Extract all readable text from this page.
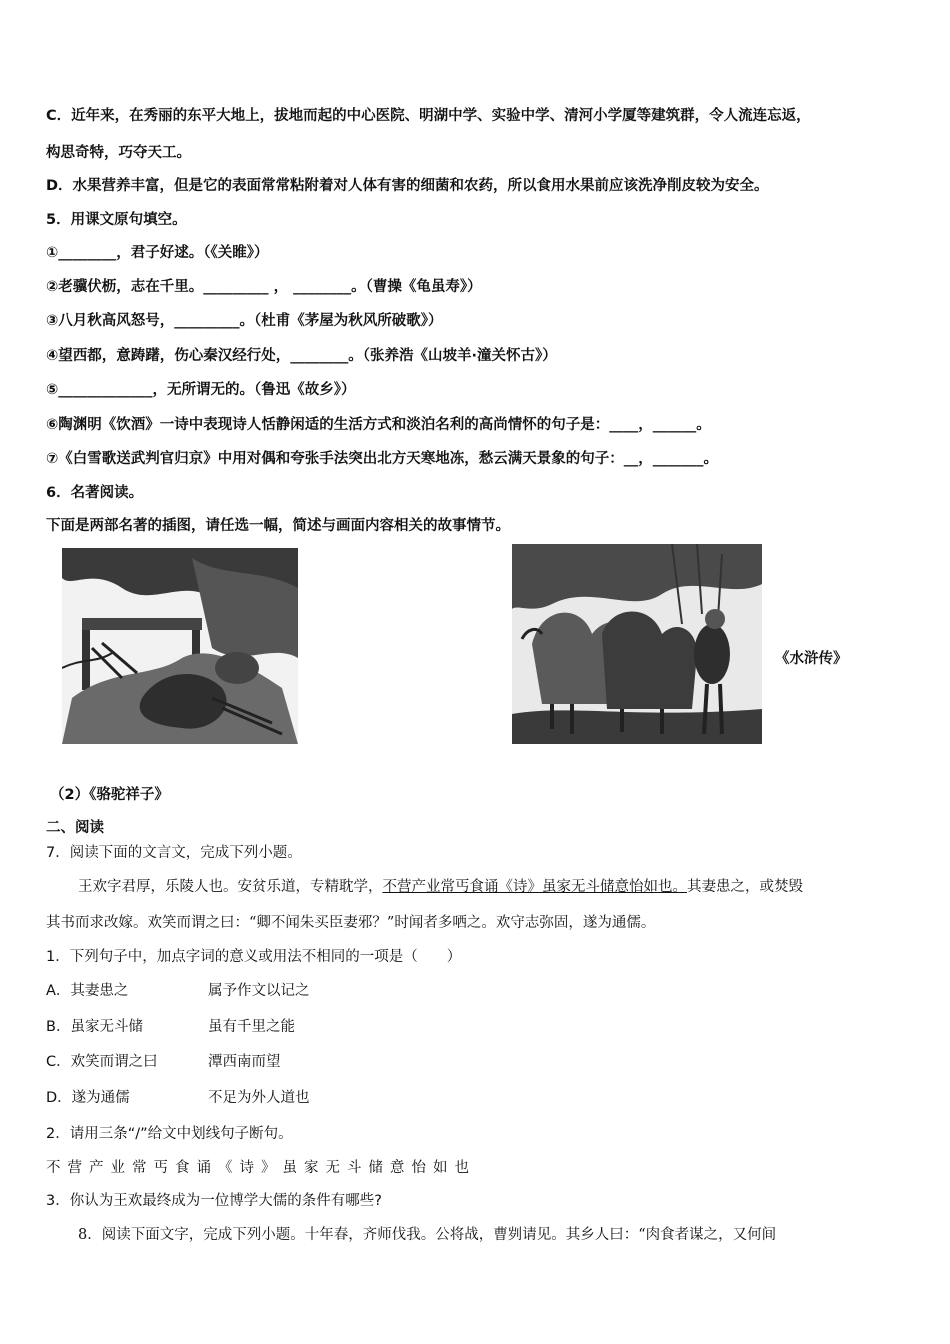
C．近年来，在秀丽的东平大地上，拔地而起的中心医院、明湖中学、实验中学、清河小学厦等建筑群，令人流连忘返，
构思奇特，巧夺天工。
D．水果营养丰富，但是它的表面常常粘附着对人体有害的细菌和农药，所以食用水果前应该洗净削皮较为安全。
5．用课文原句填空。
①________，君子好逑。（《关睢》）
②老骥伏枥，志在千里。_________ ， ________。（曹操《龟虽寿》）
③八月秋高风怒号，_________。（杜甫《茅屋为秋风所破歌》）
④望西都，意踌躇，伤心秦汉经行处，________。（张养浩《山坡羊·潼关怀古》）
⑤_____________，无所谓无的。（鲁迅《故乡》）
⑥陶渊明《饮酒》一诗中表现诗人恬静闲适的生活方式和淡泊名利的高尚情怀的句子是：____，______。
⑦《白雪歌送武判官归京》中用对偶和夸张手法突出北方天寒地冻，愁云满天景象的句子：__，_______。
6．名著阅读。
下面是两部名著的插图，请任选一幅，简述与画面内容相关的故事情节。
《水浒传》
（2）《骆驼祥子》
二、阅读
7．阅读下面的文言文，完成下列小题。
王欢字君厚，乐陵人也。安贫乐道，专精耽学，不营产业常丐食诵《诗》虽家无斗储意怡如也。其妻患之，或焚毁
其书而求改嫁。欢笑而谓之曰：“卿不闻朱买臣妻邪？”时闻者多哂之。欢守志弥固，遂为通儒。
1．下列句子中，加点字词的意义或用法不相同的一项是（　　）
A．其妻患之	属予作文以记之
B．虽家无斗储	虽有千里之能
C．欢笑而谓之曰	潭西南而望
D．遂为通儒	不足为外人道也
2．请用三条“/”给文中划线句子断句。
不营产业常丐食诵《诗》虽家无斗储意怡如也
3．你认为王欢最终成为一位博学大儒的条件有哪些?
8．阅读下面文字，完成下列小题。十年春，齐师伐我。公将战，曹刿请见。其乡人曰：“肉食者谋之，又何间
